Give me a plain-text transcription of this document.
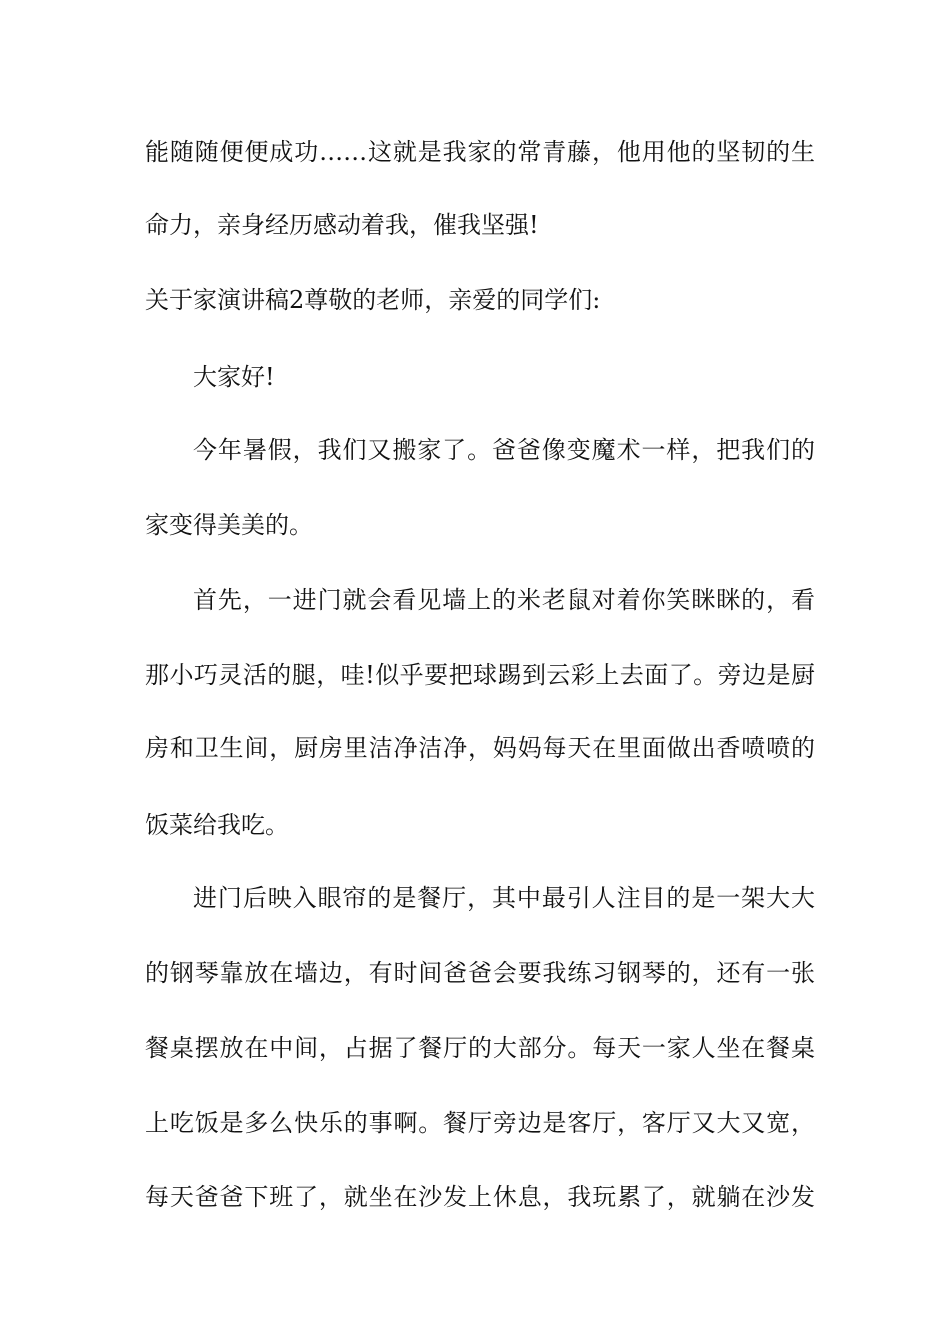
能随随便便成功……这就是我家的常青藤，他用他的坚韧的生
命力，亲身经历感动着我，催我坚强!
关于家演讲稿2尊敬的老师，亲爱的同学们:
大家好!
今年暑假，我们又搬家了。爸爸像变魔术一样，把我们的
家变得美美的。
首先，一进门就会看见墙上的米老鼠对着你笑眯眯的，看
那小巧灵活的腿，哇!似乎要把球踢到云彩上去面了。旁边是厨
房和卫生间，厨房里洁净洁净，妈妈每天在里面做出香喷喷的
饭菜给我吃。
进门后映入眼帘的是餐厅，其中最引人注目的是一架大大
的钢琴靠放在墙边，有时间爸爸会要我练习钢琴的，还有一张
餐桌摆放在中间，占据了餐厅的大部分。每天一家人坐在餐桌
上吃饭是多么快乐的事啊。餐厅旁边是客厅，客厅又大又宽，
每天爸爸下班了，就坐在沙发上休息，我玩累了，就躺在沙发
